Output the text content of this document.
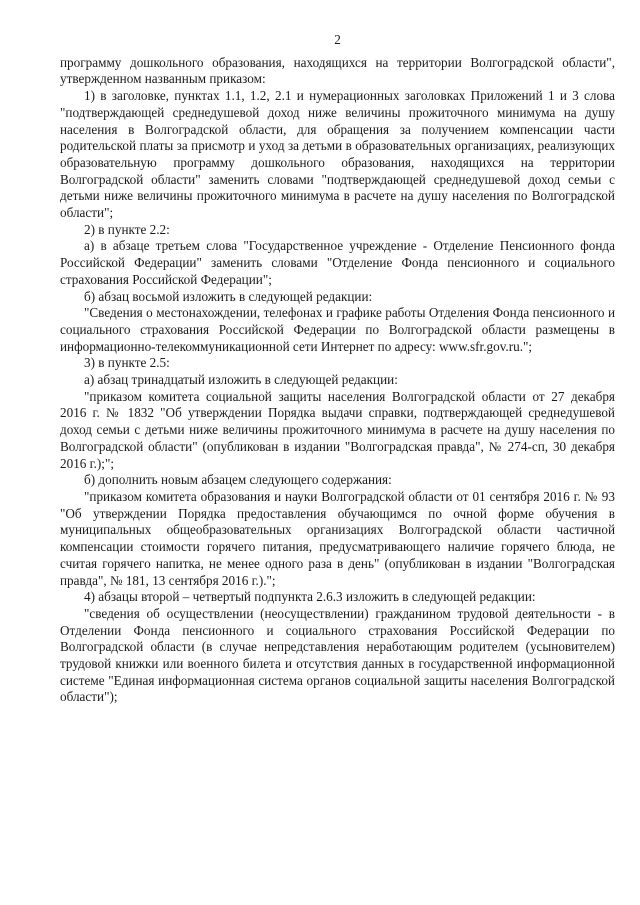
2

программу дошкольного образования, находящихся на территории Волгоградской области", утвержденном названным приказом:

1) в заголовке, пунктах 1.1, 1.2, 2.1 и нумерационных заголовках Приложений 1 и 3 слова "подтверждающей среднедушевой доход ниже величины прожиточного минимума на душу населения в Волгоградской области, для обращения за получением компенсации части родительской платы за присмотр и уход за детьми в образовательных организациях, реализующих образовательную программу дошкольного образования, находящихся на территории Волгоградской области" заменить словами "подтверждающей среднедушевой доход семьи с детьми ниже величины прожиточного минимума в расчете на душу населения по Волгоградской области";

2) в пункте 2.2:

а) в абзаце третьем слова "Государственное учреждение - Отделение Пенсионного фонда Российской Федерации" заменить словами "Отделение Фонда пенсионного и социального страхования Российской Федерации";

б) абзац восьмой изложить в следующей редакции:

"Сведения о местонахождении, телефонах и графике работы Отделения Фонда пенсионного и социального страхования Российской Федерации по Волгоградской области размещены в информационно-телекоммуникационной сети Интернет по адресу: www.sfr.gov.ru.";

3) в пункте 2.5:

а) абзац тринадцатый изложить в следующей редакции:

"приказом комитета социальной защиты населения Волгоградской области от 27 декабря 2016 г. № 1832 "Об утверждении Порядка выдачи справки, подтверждающей среднедушевой доход семьи с детьми ниже величины прожиточного минимума в расчете на душу населения по Волгоградской области" (опубликован в издании "Волгоградская правда", № 274-сп, 30 декабря 2016 г.);";

б) дополнить новым абзацем следующего содержания:

"приказом комитета образования и науки Волгоградской области от 01 сентября 2016 г. № 93 "Об утверждении Порядка предоставления обучающимся по очной форме обучения в муниципальных общеобразовательных организациях Волгоградской области частичной компенсации стоимости горячего питания, предусматривающего наличие горячего блюда, не считая горячего напитка, не менее одного раза в день" (опубликован в издании "Волгоградская правда", № 181, 13 сентября 2016 г.).";

4) абзацы второй – четвертый подпункта 2.6.3 изложить в следующей редакции:

"сведения об осуществлении (неосуществлении) гражданином трудовой деятельности - в Отделении Фонда пенсионного и социального страхования Российской Федерации по Волгоградской области (в случае непредставления неработающим родителем (усыновителем) трудовой книжки или военного билета и отсутствия данных в государственной информационной системе "Единая информационная система органов социальной защиты населения Волгоградской области");
